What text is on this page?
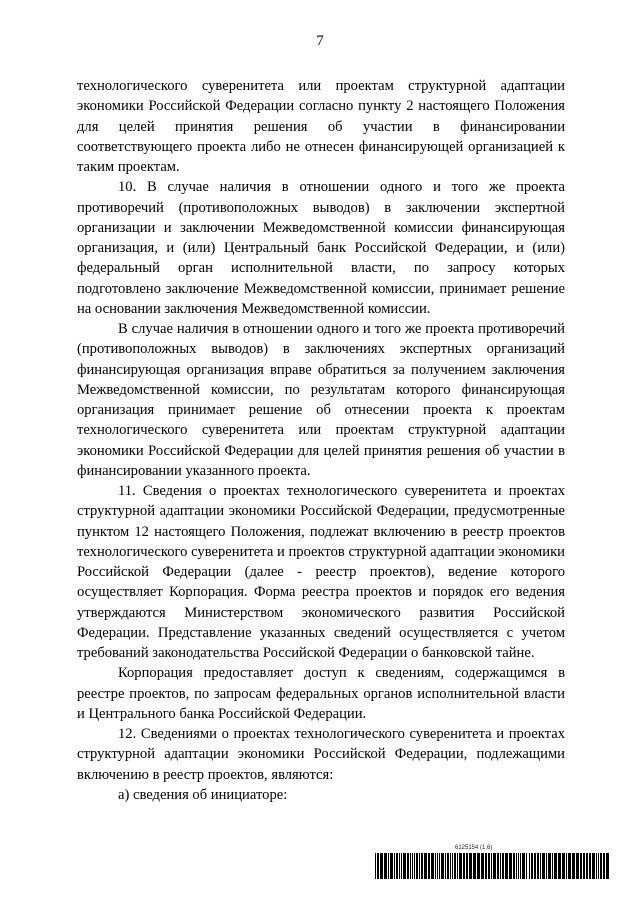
7

технологического суверенитета или проектам структурной адаптации экономики Российской Федерации согласно пункту 2 настоящего Положения для целей принятия решения об участии в финансировании соответствующего проекта либо не отнесен финансирующей организацией к таким проектам.

10. В случае наличия в отношении одного и того же проекта противоречий (противоположных выводов) в заключении экспертной организации и заключении Межведомственной комиссии финансирующая организация, и (или) Центральный банк Российской Федерации, и (или) федеральный орган исполнительной власти, по запросу которых подготовлено заключение Межведомственной комиссии, принимает решение на основании заключения Межведомственной комиссии.

В случае наличия в отношении одного и того же проекта противоречий (противоположных выводов) в заключениях экспертных организаций финансирующая организация вправе обратиться за получением заключения Межведомственной комиссии, по результатам которого финансирующая организация принимает решение об отнесении проекта к проектам технологического суверенитета или проектам структурной адаптации экономики Российской Федерации для целей принятия решения об участии в финансировании указанного проекта.

11. Сведения о проектах технологического суверенитета и проектах структурной адаптации экономики Российской Федерации, предусмотренные пунктом 12 настоящего Положения, подлежат включению в реестр проектов технологического суверенитета и проектов структурной адаптации экономики Российской Федерации (далее - реестр проектов), ведение которого осуществляет Корпорация. Форма реестра проектов и порядок его ведения утверждаются Министерством экономического развития Российской Федерации. Представление указанных сведений осуществляется с учетом требований законодательства Российской Федерации о банковской тайне.

Корпорация предоставляет доступ к сведениям, содержащимся в реестре проектов, по запросам федеральных органов исполнительной власти и Центрального банка Российской Федерации.

12. Сведениями о проектах технологического суверенитета и проектах структурной адаптации экономики Российской Федерации, подлежащими включению в реестр проектов, являются:

а) сведения об инициаторе:

6125154 (1.6)
